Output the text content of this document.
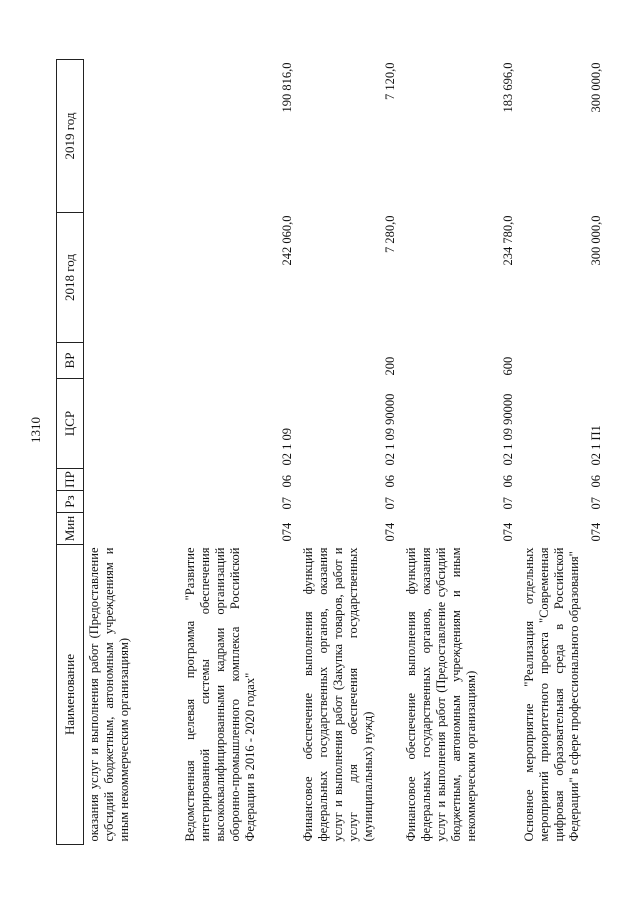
1310
Наименование	Мин	Рз	ПР	ЦСР	ВР	2018 год	2019 год
оказания услуг и выполнения работ (Предоставление субсидий бюджетным, автономным учреждениям и иным некоммерческим организациям)							
Ведомственная целевая программа "Развитие интегрированной системы обеспечения высококвалифицированными кадрами организаций оборонно-промышленного комплекса Российской Федерации в 2016 - 2020 годах"	074	07	06	02 1 09		242 060,0	190 816,0
Финансовое обеспечение выполнения функций федеральных государственных органов, оказания услуг и выполнения работ (Закупка товаров, работ и услуг для обеспечения государственных (муниципальных) нужд)	074	07	06	02 1 09 90000	200	7 280,0	7 120,0
Финансовое обеспечение выполнения функций федеральных государственных органов, оказания услуг и выполнения работ (Предоставление субсидий бюджетным, автономным учреждениям и иным некоммерческим организациям)	074	07	06	02 1 09 90000	600	234 780,0	183 696,0
Основное мероприятие "Реализация отдельных мероприятий приоритетного проекта "Современная цифровая образовательная среда в Российской Федерации" в сфере профессионального образования"	074	07	06	02 1 П1		300 000,0	300 000,0
